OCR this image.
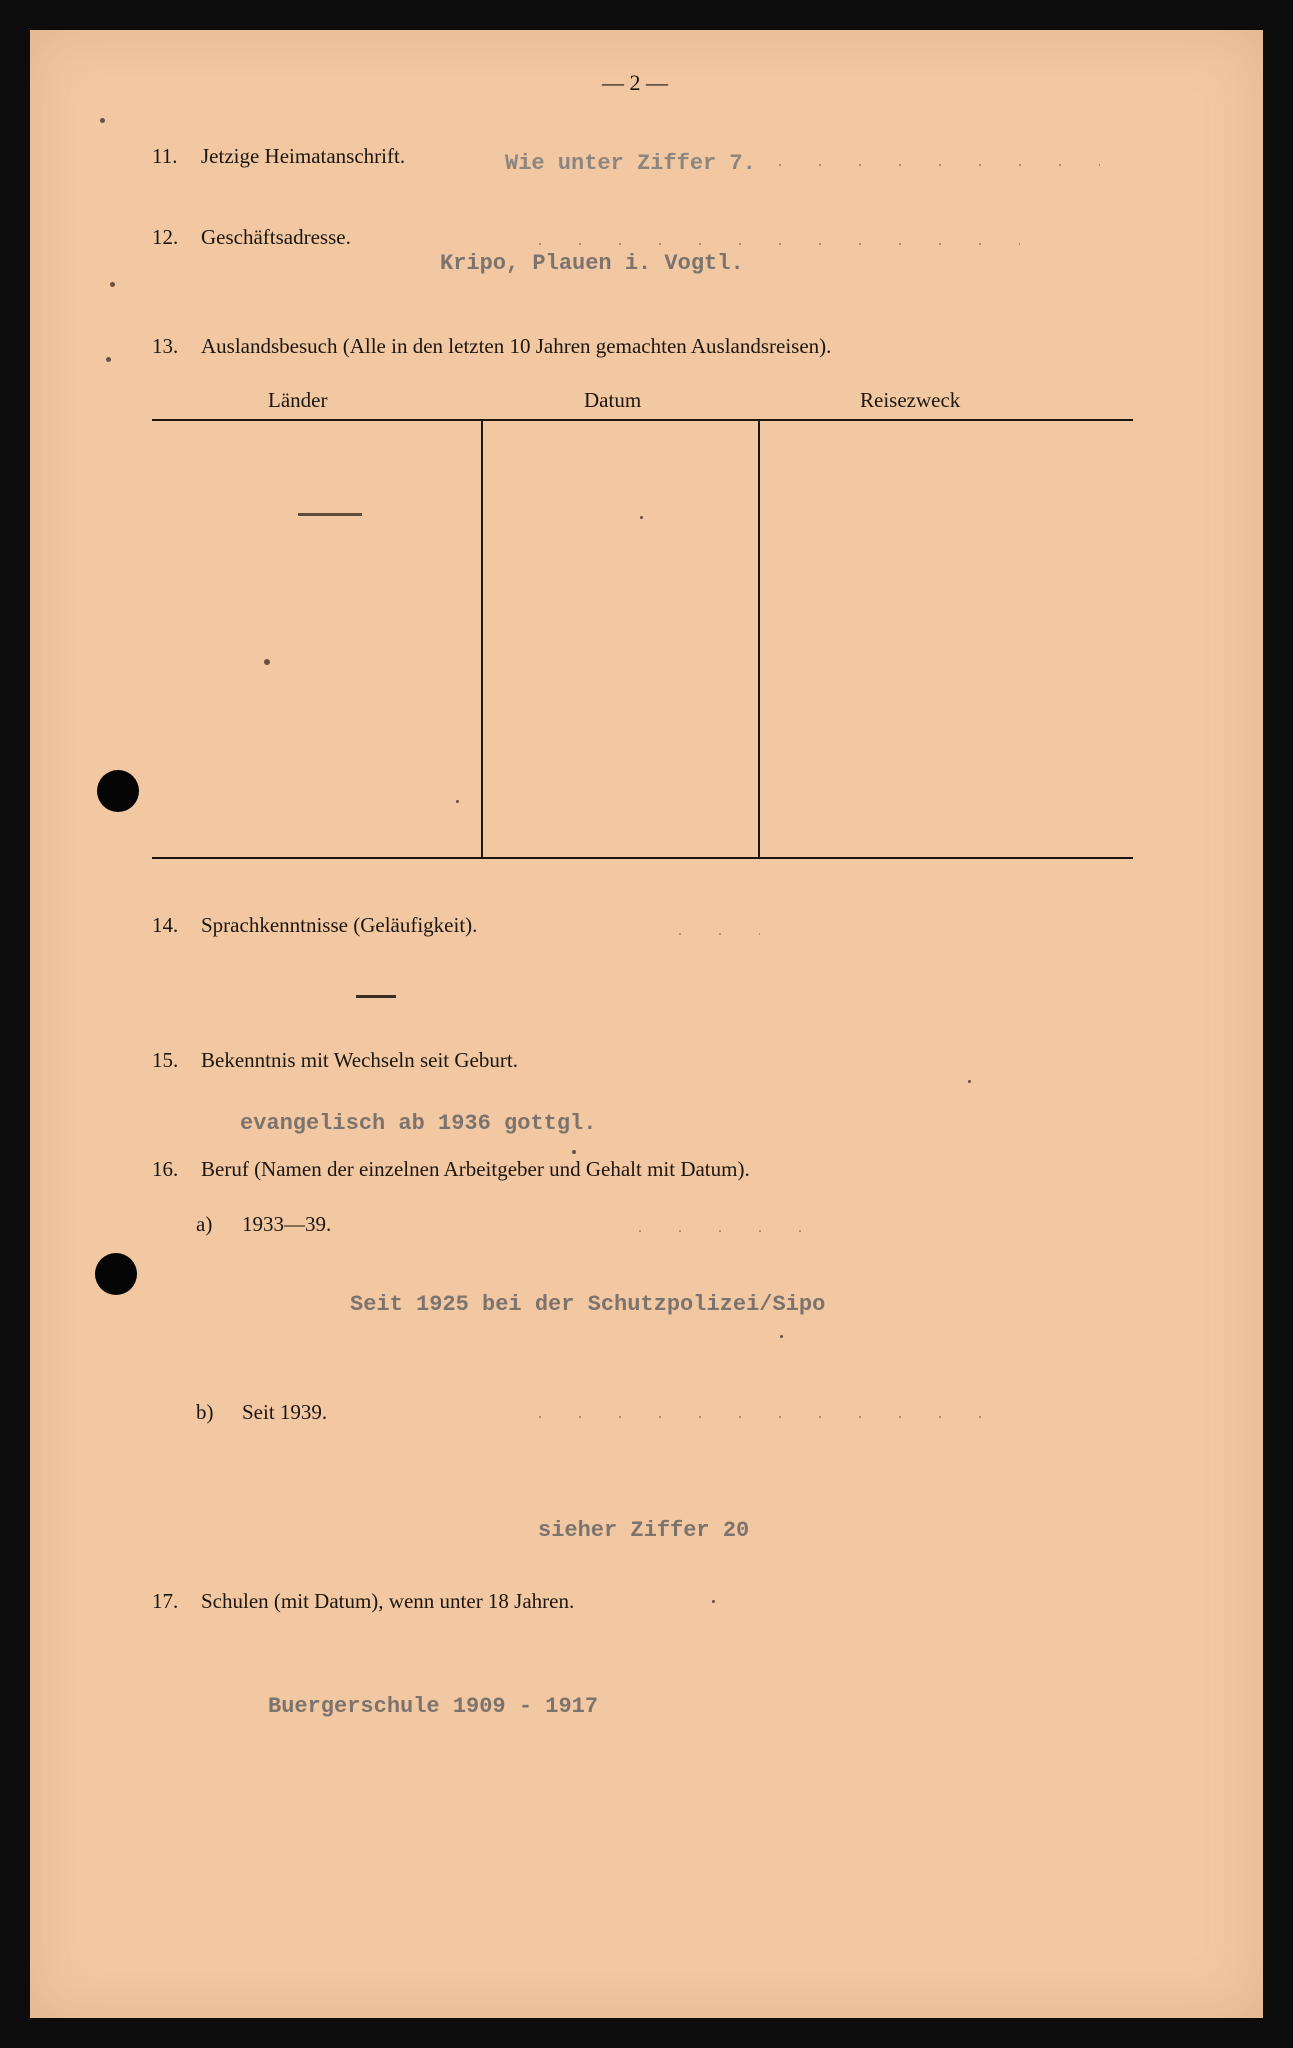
— 2 —
11. Jetzige Heimatanschrift.	Wie unter Ziffer 7.
12. Geschäftsadresse.
Kripo, Plauen i. Vogtl.
13. Auslandsbesuch (Alle in den letzten 10 Jahren gemachten Auslandsreisen).
Länder	Datum	Reisezweck
14. Sprachkenntnisse (Geläufigkeit).
15. Bekenntnis mit Wechseln seit Geburt.
evangelisch ab 1936 gottgl.
16. Beruf (Namen der einzelnen Arbeitgeber und Gehalt mit Datum).
a) 1933—39.
Seit 1925 bei der Schutzpolizei/Sipo
b) Seit 1939.
sieher Ziffer 20
17. Schulen (mit Datum), wenn unter 18 Jahren.
Buergerschule 1909 - 1917
